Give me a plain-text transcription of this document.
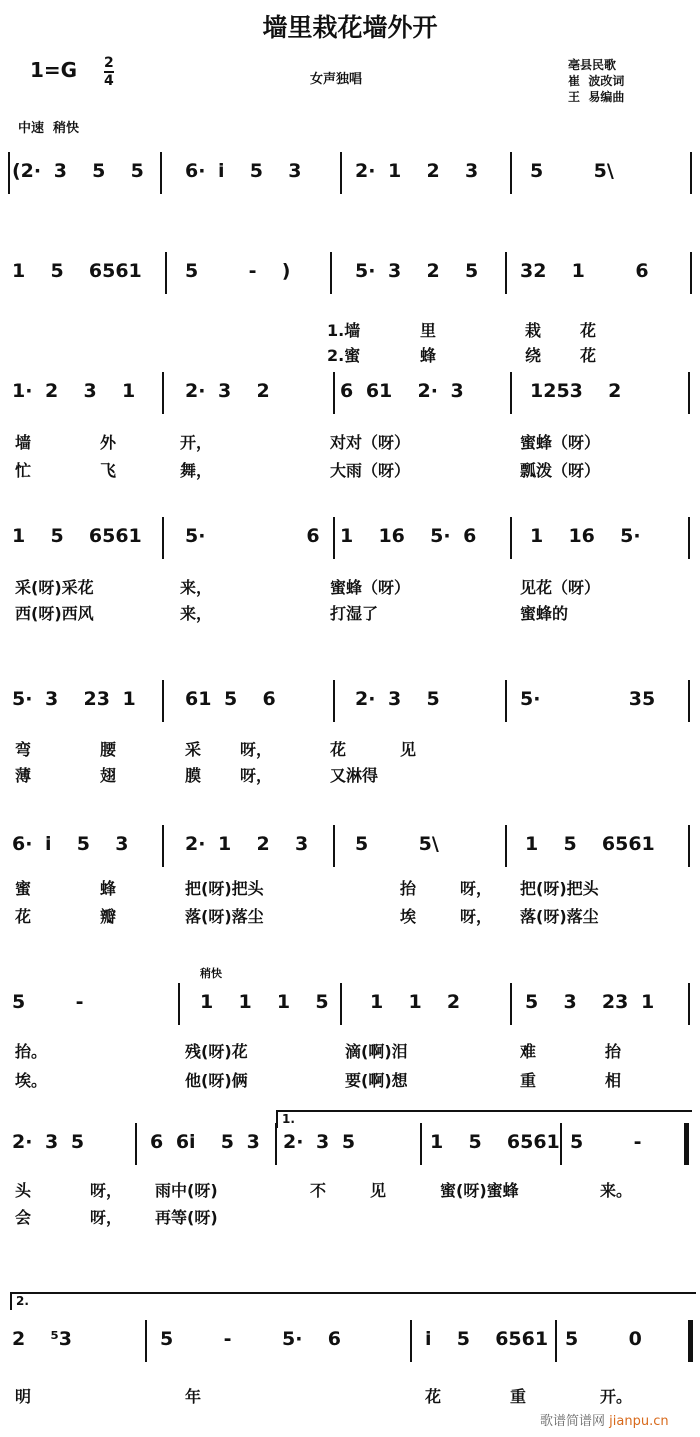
墙里栽花墙外开
1=G 2
4	女声独唱
亳县民歌
崔  波改词
王  易编曲
中速  稍快
(2· 3  5  5 6· i  5  3	2· 1  2  3	5    5\
1  5  6561 5    -  )	5· 3  2  5 32  1    6
1.墙	里	栽 花
2.蜜	蜂	绕 花
1· 2  3  1	2· 3  2	6 61  2· 3	1253  2
墙	外	开，	对对（呀）	蜜蜂（呀）
忙	飞	舞，	大雨（呀）	瓢泼（呀）
1  5  6561 5·        6 1  16  5· 6	1  16  5·
采(呀)采花	来，	蜜蜂（呀）	见花（呀）
西(呀)西风	来，	打湿了	蜜蜂的
5· 3  23 1	61 5  6	2· 3  5	5·       35
弯	腰	采 呀，	花	见
薄	翅	膜 呀，	又淋得
6· i  5  3	2· 1  2  3 5    5\	1  5  6561
蜜	蜂	把(呀)把头	抬	呀， 把(呀)把头
花	瓣	落(呀)落尘	埃	呀， 落(呀)落尘
5    -	1  1  1  5 1  1  2	5  3  23 1
抬。	残(呀)花	滴(啊)泪	难	抬
埃。	他(呀)俩	要(啊)想	重	相
2· 3 5	6 6i  5 3 2· 3 5	1  5  6561 5    -
1.
头	呀， 雨中(呀)	不	见	蜜(呀)蜜蜂	来。
会	呀， 再等(呀)
2  ⁵3	5    -    5·  6	i  5  6561 5    0
2.
明	年	花	重	开。
稍快
歌谱简谱网 jianpu.cn
